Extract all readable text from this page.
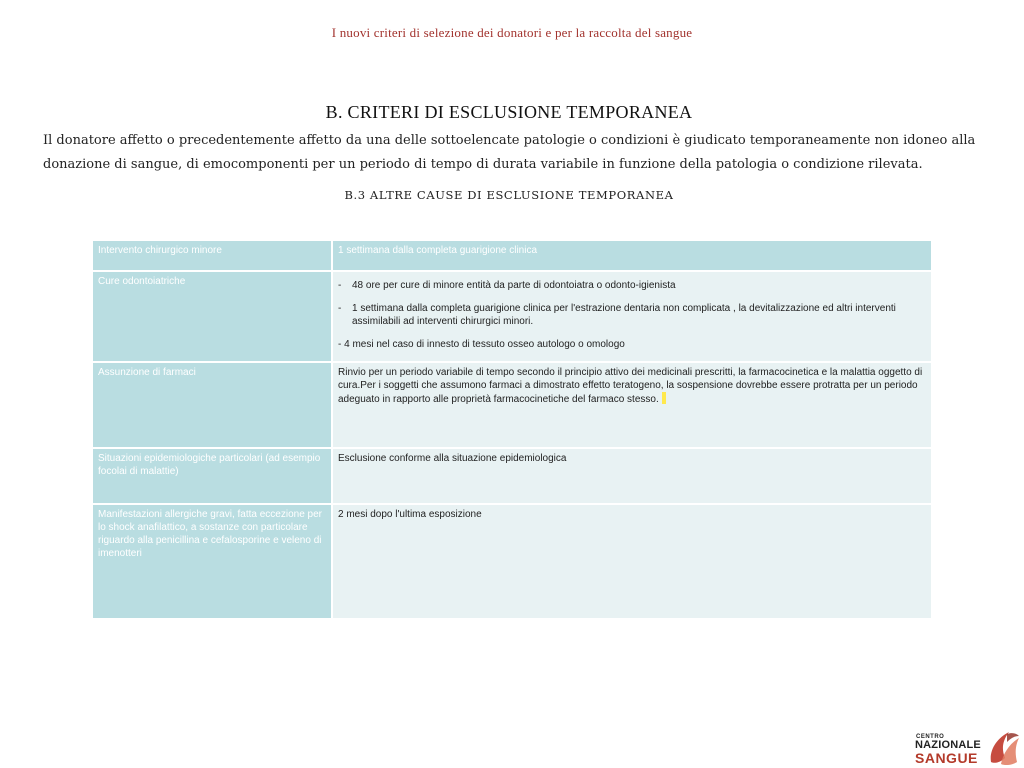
I nuovi criteri di selezione dei donatori e per la raccolta del sangue
B. CRITERI DI ESCLUSIONE TEMPORANEA
Il donatore affetto o precedentemente affetto da una delle sottoelencate patologie o condizioni è giudicato temporaneamente non idoneo alla donazione di sangue, di emocomponenti per un periodo di tempo di durata variabile in funzione della patologia o condizione rilevata.
B.3 ALTRE CAUSE DI ESCLUSIONE TEMPORANEA
Intervento chirurgico minore	1 settimana dalla completa guarigione clinica
Cure odontoiatriche	- 48 ore per cure di minore entità da parte di odontoiatra o odonto-igienista
- 1 settimana dalla completa guarigione clinica per l'estrazione dentaria non complicata , la devitalizzazione ed altri interventi assimilabili ad interventi chirurgici minori.
- 4 mesi nel caso di innesto di tessuto osseo autologo o omologo

Assunzione di farmaci	Rinvio per un periodo variabile di tempo secondo il principio attivo dei medicinali prescritti, la farmacocinetica e la malattia oggetto di cura.Per i soggetti che assumono farmaci a dimostrato effetto teratogeno, la sospensione dovrebbe essere protratta per un periodo adeguato in rapporto alle proprietà farmacocinetiche del farmaco stesso.
Situazioni epidemiologiche particolari (ad esempio focolai di malattie)	Esclusione conforme alla situazione epidemiologica
Manifestazioni allergiche gravi, fatta eccezione per lo shock anafilattico, a sostanze con particolare riguardo alla penicillina e cefalosporine e veleno di imenotteri	2 mesi dopo l'ultima esposizione
CENTRO
NAZIONALE
SANGUE
